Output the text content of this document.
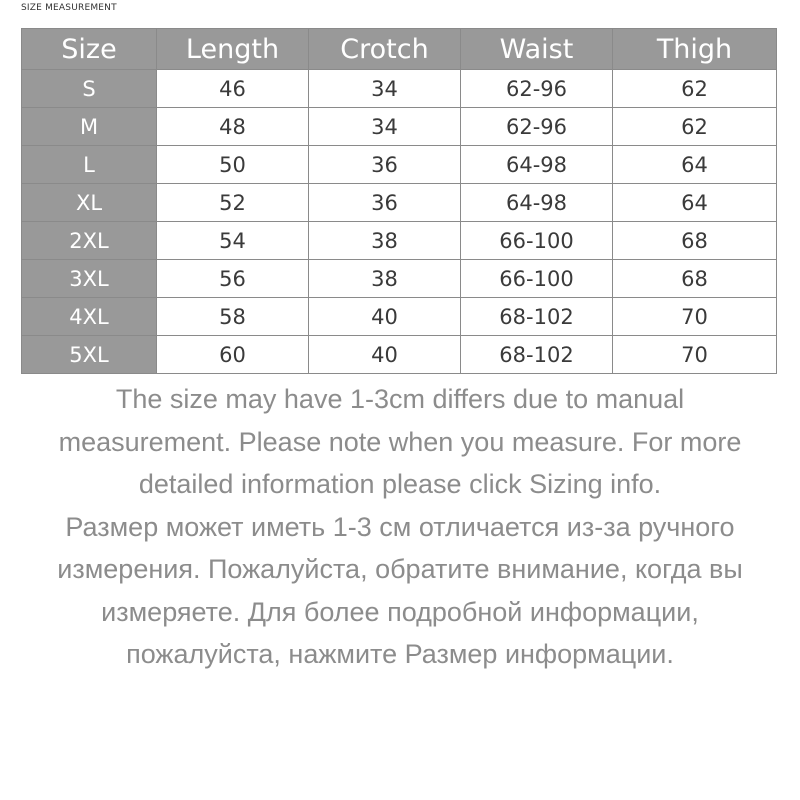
SIZE MEASUREMENT
Size	Length	Crotch	Waist	Thigh
S	46	34	62-96	62
M	48	34	62-96	62
L	50	36	64-98	64
XL	52	36	64-98	64
2XL	54	38	66-100	68
3XL	56	38	66-100	68
4XL	58	40	68-102	70
5XL	60	40	68-102	70

The size may have 1-3cm differs due to manual measurement. Please note when you measure. For more detailed information please click Sizing info.

Размер может иметь 1-3 см отличается из-за ручного измерения. Пожалуйста, обратите внимание, когда вы измеряете. Для более подробной информации, пожалуйста, нажмите Размер информации.
